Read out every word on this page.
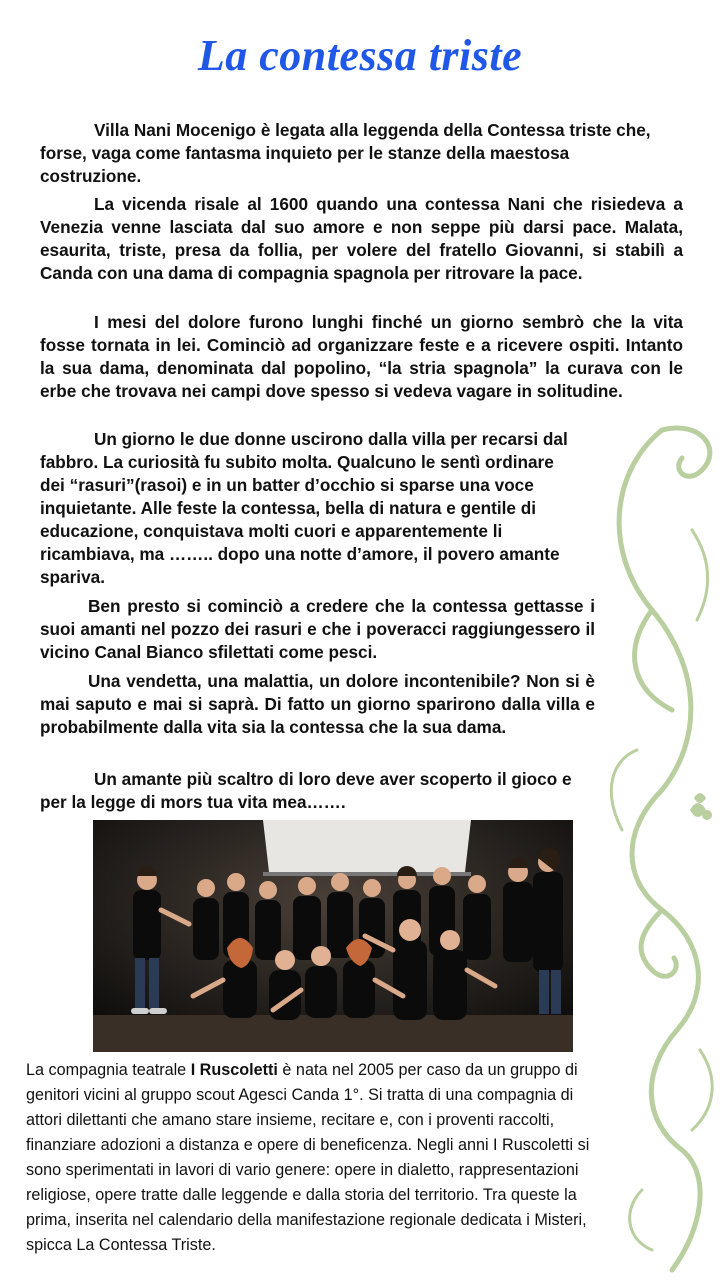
La contessa triste

Villa Nani Mocenigo è legata alla leggenda della Contessa triste che, forse, vaga come fantasma inquieto per le stanze della maestosa costruzione.

La vicenda risale al 1600 quando una contessa Nani che risiedeva a Venezia venne lasciata dal suo amore e non seppe più darsi pace. Malata, esaurita, triste, presa da follia, per volere del fratello Giovanni, si stabilì a Canda con una dama di compagnia spagnola per ritrovare la pace.

I mesi del dolore furono lunghi finché un giorno sembrò che la vita fosse tornata in lei. Cominciò ad organizzare feste e a ricevere ospiti. Intanto la sua dama, denominata dal popolino, “la stria spagnola” la curava con le erbe che trovava nei campi dove spesso si vedeva vagare in solitudine.

Un giorno le due donne uscirono dalla villa per recarsi dal fabbro. La curiosità fu subito molta. Qualcuno le sentì ordinare dei “rasuri”(rasoi) e in un batter d’occhio si sparse una voce inquietante. Alle feste la contessa, bella di natura e gentile di educazione, conquistava molti cuori e apparentemente li ricambiava, ma …….. dopo una notte d’amore, il povero amante spariva.

Ben presto si cominciò a credere che la contessa gettasse i suoi amanti nel pozzo dei rasuri e che i poveracci raggiungessero il vicino Canal Bianco sfilettati come pesci.

Una vendetta, una malattia, un dolore incontenibile? Non si è mai saputo e mai si saprà. Di fatto un giorno sparirono dalla villa e probabilmente dalla vita sia la contessa che la sua dama.

Un amante più scaltro di loro deve aver scoperto il gioco e per la legge di mors tua vita mea…….

La compagnia teatrale I Ruscoletti è nata nel 2005 per caso da un gruppo di genitori vicini al gruppo scout Agesci Canda 1°. Si tratta di una compagnia di attori dilettanti che amano stare insieme, recitare e, con i proventi raccolti, finanziare adozioni a distanza e opere di beneficenza. Negli anni I Ruscoletti si sono sperimentati in lavori di vario genere: opere in dialetto, rappresentazioni religiose, opere tratte dalle leggende e dalla storia del territorio. Tra queste la prima, inserita nel calendario della manifestazione regionale dedicata i Misteri, spicca La Contessa Triste.
